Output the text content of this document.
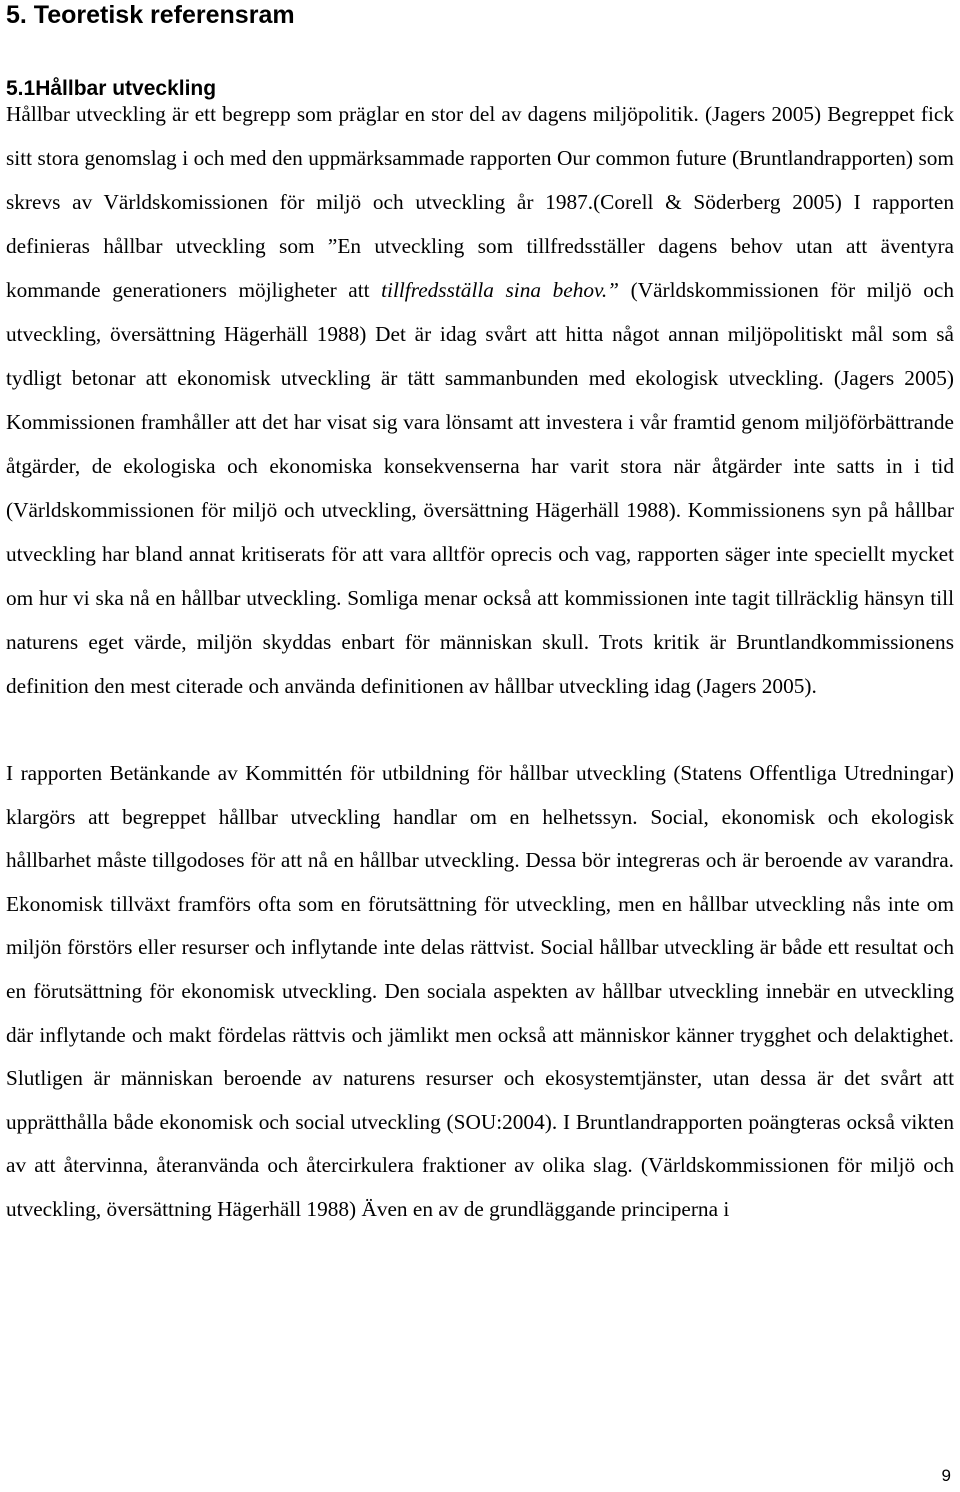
5. Teoretisk referensram
5.1Hållbar utveckling

Hållbar utveckling är ett begrepp som präglar en stor del av dagens miljöpolitik. (Jagers 2005) Begreppet fick sitt stora genomslag i och med den uppmärksammade rapporten Our common future (Bruntlandrapporten) som skrevs av Världskomissionen för miljö och utveckling år 1987.(Corell & Söderberg 2005) I rapporten definieras hållbar utveckling som ”En utveckling som tillfredsställer dagens behov utan att äventyra kommande generationers möjligheter att tillfredsställa sina behov.” (Världskommissionen för miljö och utveckling, översättning Hägerhäll 1988) Det är idag svårt att hitta något annan miljöpolitiskt mål som så tydligt betonar att ekonomisk utveckling är tätt sammanbunden med ekologisk utveckling. (Jagers 2005) Kommissionen framhåller att det har visat sig vara lönsamt att investera i vår framtid genom miljöförbättrande åtgärder, de ekologiska och ekonomiska konsekvenserna har varit stora när åtgärder inte satts in i tid (Världskommissionen för miljö och utveckling, översättning Hägerhäll 1988). Kommissionens syn på hållbar utveckling har bland annat kritiserats för att vara alltför oprecis och vag, rapporten säger inte speciellt mycket om hur vi ska nå en hållbar utveckling. Somliga menar också att kommissionen inte tagit tillräcklig hänsyn till naturens eget värde, miljön skyddas enbart för människan skull. Trots kritik är Bruntlandkommissionens definition den mest citerade och använda definitionen av hållbar utveckling idag (Jagers 2005).

I rapporten Betänkande av Kommittén för utbildning för hållbar utveckling (Statens Offentliga Utredningar) klargörs att begreppet hållbar utveckling handlar om en helhetssyn. Social, ekonomisk och ekologisk hållbarhet måste tillgodoses för att nå en hållbar utveckling. Dessa bör integreras och är beroende av varandra. Ekonomisk tillväxt framförs ofta som en förutsättning för utveckling, men en hållbar utveckling nås inte om miljön förstörs eller resurser och inflytande inte delas rättvist. Social hållbar utveckling är både ett resultat och en förutsättning för ekonomisk utveckling. Den sociala aspekten av hållbar utveckling innebär en utveckling där inflytande och makt fördelas rättvis och jämlikt men också att människor känner trygghet och delaktighet. Slutligen är människan beroende av naturens resurser och ekosystemtjänster, utan dessa är det svårt att upprätthålla både ekonomisk och social utveckling (SOU:2004). I Bruntlandrapporten poängteras också vikten av att återvinna, återanvända och återcirkulera fraktioner av olika slag. (Världskommissionen för miljö och utveckling, översättning Hägerhäll 1988) Även en av de grundläggande principerna i

9
